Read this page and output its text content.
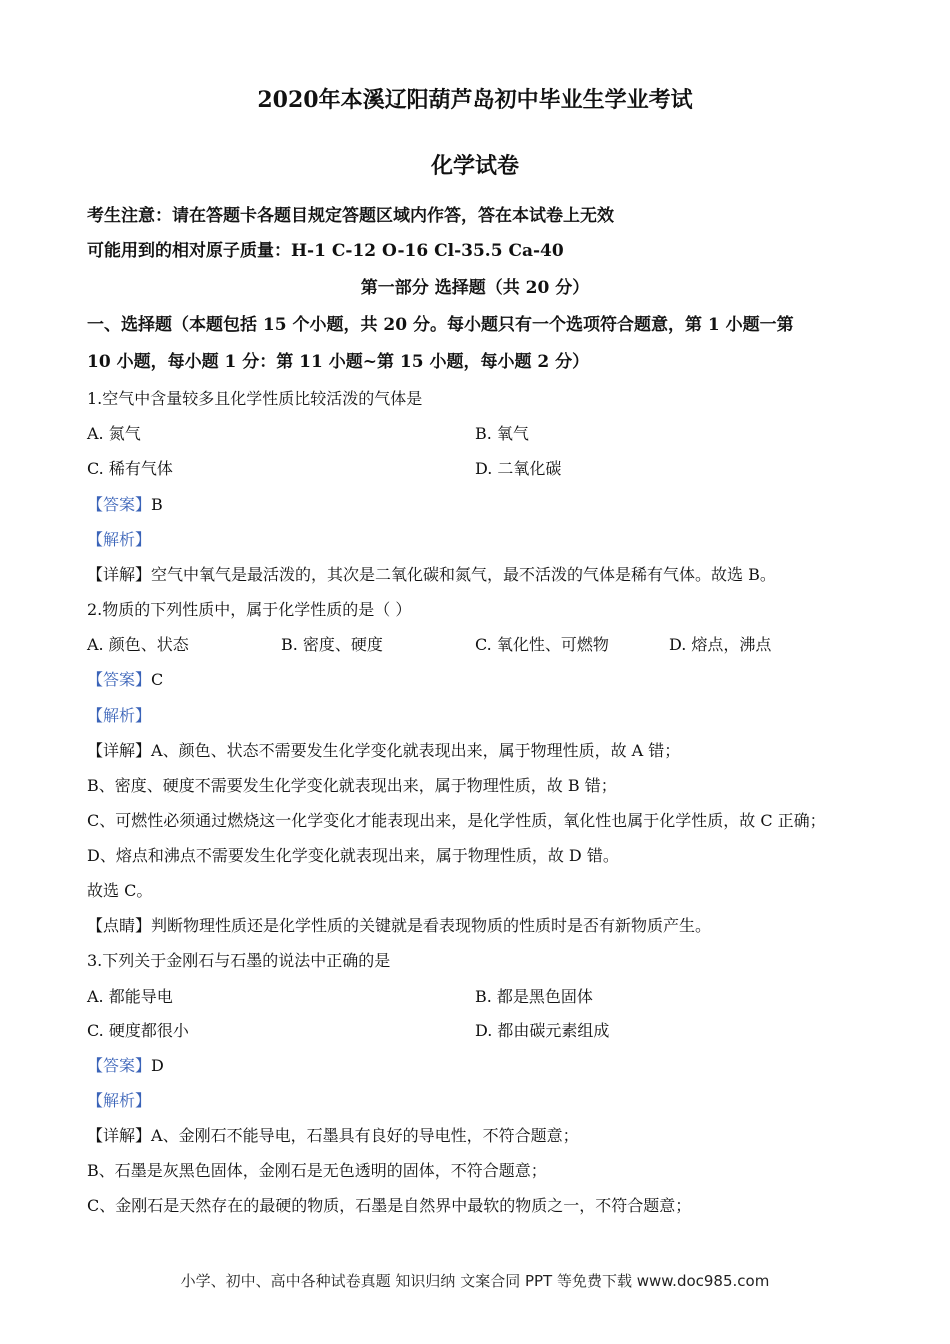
2020年本溪辽阳葫芦岛初中毕业生学业考试
化学试卷
考生注意：请在答题卡各题目规定答题区域内作答，答在本试卷上无效
可能用到的相对原子质量：H-1 C-12 O-16 Cl-35.5 Ca-40
第一部分 选择题（共 20 分）
一、选择题（本题包括 15 个小题，共 20 分。每小题只有一个选项符合题意，第 1 小题一第
10 小题，每小题 1 分：第 11 小题~第 15 小题，每小题 2 分）
1.空气中含量较多且化学性质比较活泼的气体是
A. 氮气	B. 氧气
C. 稀有气体	D. 二氧化碳
【答案】B
【解析】
【详解】空气中氧气是最活泼的，其次是二氧化碳和氮气，最不活泼的气体是稀有气体。故选 B。
2.物质的下列性质中，属于化学性质的是（ ）
A. 颜色、状态	B. 密度、硬度	C. 氧化性、可燃物	D. 熔点，沸点
【答案】C
【解析】
【详解】A、颜色、状态不需要发生化学变化就表现出来，属于物理性质，故 A 错；
B、密度、硬度不需要发生化学变化就表现出来，属于物理性质，故 B 错；
C、可燃性必须通过燃烧这一化学变化才能表现出来，是化学性质，氧化性也属于化学性质，故 C 正确；
D、熔点和沸点不需要发生化学变化就表现出来，属于物理性质，故 D 错。
故选 C。
【点睛】判断物理性质还是化学性质的关键就是看表现物质的性质时是否有新物质产生。
3.下列关于金刚石与石墨的说法中正确的是
A. 都能导电	B. 都是黑色固体
C. 硬度都很小	D. 都由碳元素组成
【答案】D
【解析】
【详解】A、金刚石不能导电，石墨具有良好的导电性，不符合题意；
B、石墨是灰黑色固体，金刚石是无色透明的固体，不符合题意；
C、金刚石是天然存在的最硬的物质，石墨是自然界中最软的物质之一，不符合题意；
小学、初中、高中各种试卷真题 知识归纳 文案合同 PPT 等免费下载 www.doc985.com
